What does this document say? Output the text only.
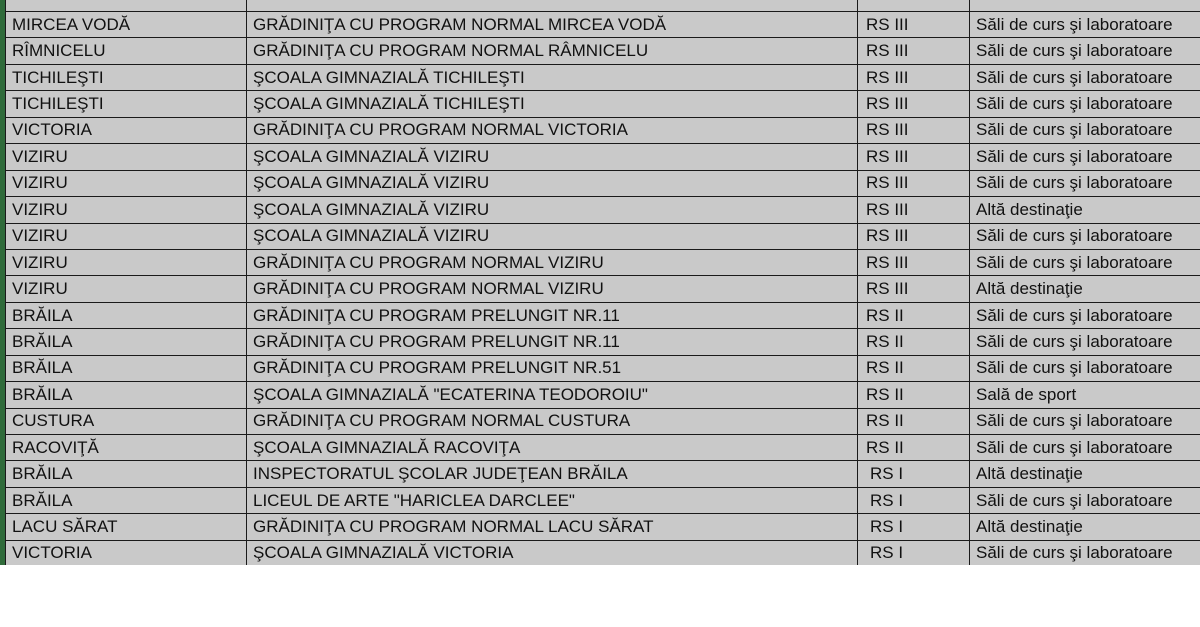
MIRCEA VODĂ	GRĂDINIŢA CU PROGRAM NORMAL MIRCEA VODĂ	RS III	Săli de curs şi laboratoare
RÎMNICELU	GRĂDINIŢA CU PROGRAM NORMAL RÂMNICELU	RS III	Săli de curs şi laboratoare
TICHILEŞTI	ŞCOALA GIMNAZIALĂ TICHILEŞTI	RS III	Săli de curs şi laboratoare
TICHILEŞTI	ŞCOALA GIMNAZIALĂ TICHILEŞTI	RS III	Săli de curs şi laboratoare
VICTORIA	GRĂDINIŢA CU PROGRAM NORMAL VICTORIA	RS III	Săli de curs şi laboratoare
VIZIRU	ŞCOALA GIMNAZIALĂ VIZIRU	RS III	Săli de curs şi laboratoare
VIZIRU	ŞCOALA GIMNAZIALĂ VIZIRU	RS III	Săli de curs şi laboratoare
VIZIRU	ŞCOALA GIMNAZIALĂ VIZIRU	RS III	Altă destinaţie
VIZIRU	ŞCOALA GIMNAZIALĂ VIZIRU	RS III	Săli de curs şi laboratoare
VIZIRU	GRĂDINIŢA CU PROGRAM NORMAL VIZIRU	RS III	Săli de curs şi laboratoare
VIZIRU	GRĂDINIŢA CU PROGRAM NORMAL VIZIRU	RS III	Altă destinaţie
BRĂILA	GRĂDINIŢA CU PROGRAM PRELUNGIT NR.11	RS II	Săli de curs şi laboratoare
BRĂILA	GRĂDINIŢA CU PROGRAM PRELUNGIT NR.11	RS II	Săli de curs şi laboratoare
BRĂILA	GRĂDINIŢA CU PROGRAM PRELUNGIT NR.51	RS II	Săli de curs şi laboratoare
BRĂILA	ŞCOALA GIMNAZIALĂ "ECATERINA TEODOROIU"	RS II	Sală de sport
CUSTURA	GRĂDINIŢA CU PROGRAM NORMAL CUSTURA	RS II	Săli de curs şi laboratoare
RACOVIŢĂ	ŞCOALA GIMNAZIALĂ RACOVIŢA	RS II	Săli de curs şi laboratoare
BRĂILA	INSPECTORATUL ŞCOLAR JUDEŢEAN BRĂILA	RS I	Altă destinaţie
BRĂILA	LICEUL DE ARTE "HARICLEA DARCLEE"	RS I	Săli de curs şi laboratoare
LACU SĂRAT	GRĂDINIŢA CU PROGRAM NORMAL LACU SĂRAT	RS I	Altă destinaţie
VICTORIA	ŞCOALA GIMNAZIALĂ VICTORIA	RS I	Săli de curs şi laboratoare
